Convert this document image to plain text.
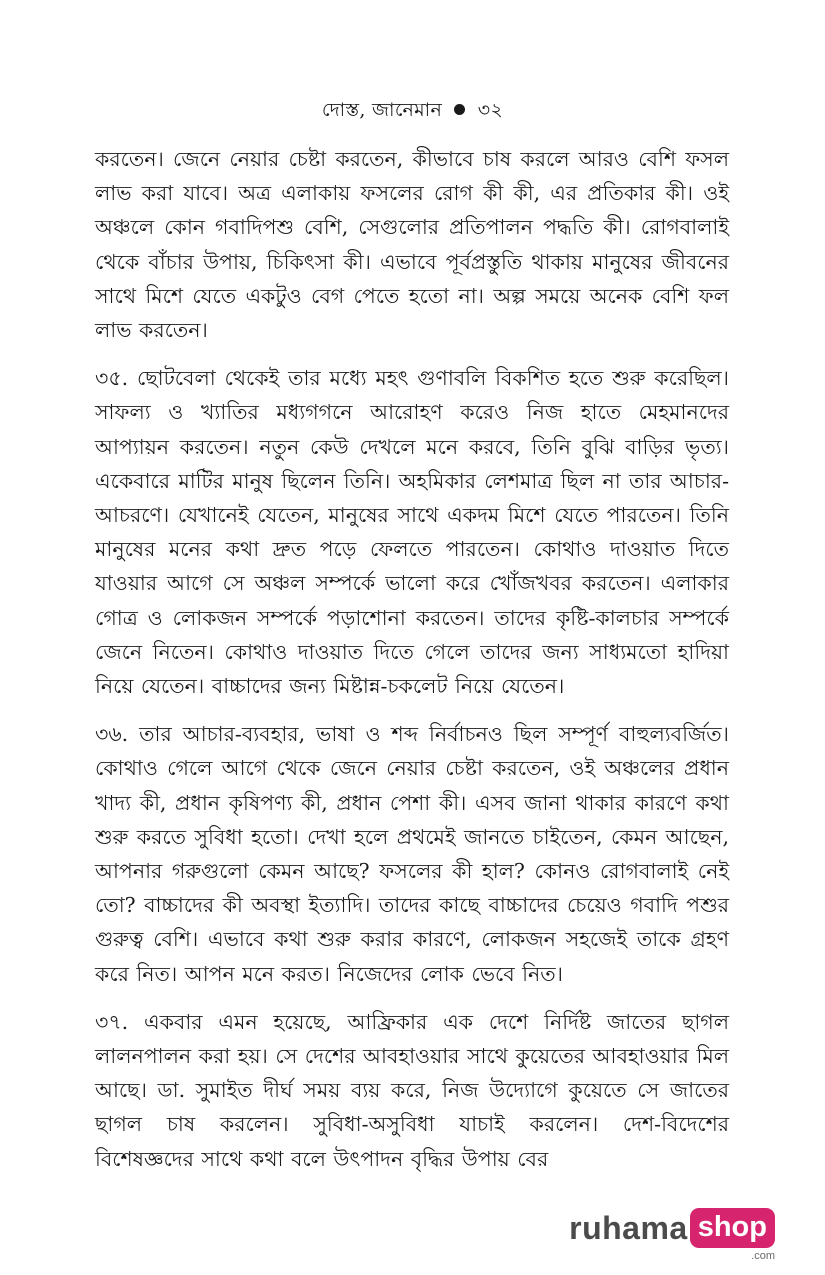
দোস্ত, জানেমান ৩২

করতেন। জেনে নেয়ার চেষ্টা করতেন, কীভাবে চাষ করলে আরও বেশি ফসল লাভ করা যাবে। অত্র এলাকায় ফসলের রোগ কী কী, এর প্রতিকার কী। ওই অঞ্চলে কোন গবাদিপশু বেশি, সেগুলোর প্রতিপালন পদ্ধতি কী। রোগবালাই থেকে বাঁচার উপায়, চিকিৎসা কী। এভাবে পূর্বপ্রস্তুতি থাকায় মানুষের জীবনের সাথে মিশে যেতে একটুও বেগ পেতে হতো না। অল্প সময়ে অনেক বেশি ফল লাভ করতেন।

৩৫. ছোটবেলা থেকেই তার মধ্যে মহৎ গুণাবলি বিকশিত হতে শুরু করেছিল। সাফল্য ও খ্যাতির মধ্যগগনে আরোহণ করেও নিজ হাতে মেহমানদের আপ্যায়ন করতেন। নতুন কেউ দেখলে মনে করবে, তিনি বুঝি বাড়ির ভৃত্য। একেবারে মাটির মানুষ ছিলেন তিনি। অহমিকার লেশমাত্র ছিল না তার আচার-আচরণে। যেখানেই যেতেন, মানুষের সাথে একদম মিশে যেতে পারতেন। তিনি মানুষের মনের কথা দ্রুত পড়ে ফেলতে পারতেন। কোথাও দাওয়াত দিতে যাওয়ার আগে সে অঞ্চল সম্পর্কে ভালো করে খোঁজখবর করতেন। এলাকার গোত্র ও লোকজন সম্পর্কে পড়াশোনা করতেন। তাদের কৃষ্টি-কালচার সম্পর্কে জেনে নিতেন। কোথাও দাওয়াত দিতে গেলে তাদের জন্য সাধ্যমতো হাদিয়া নিয়ে যেতেন। বাচ্চাদের জন্য মিষ্টান্ন-চকলেট নিয়ে যেতেন।

৩৬. তার আচার-ব্যবহার, ভাষা ও শব্দ নির্বাচনও ছিল সম্পূর্ণ বাহুল্যবর্জিত। কোথাও গেলে আগে থেকে জেনে নেয়ার চেষ্টা করতেন, ওই অঞ্চলের প্রধান খাদ্য কী, প্রধান কৃষিপণ্য কী, প্রধান পেশা কী। এসব জানা থাকার কারণে কথা শুরু করতে সুবিধা হতো। দেখা হলে প্রথমেই জানতে চাইতেন, কেমন আছেন, আপনার গরুগুলো কেমন আছে? ফসলের কী হাল? কোনও রোগবালাই নেই তো? বাচ্চাদের কী অবস্থা ইত্যাদি। তাদের কাছে বাচ্চাদের চেয়েও গবাদি পশুর গুরুত্ব বেশি। এভাবে কথা শুরু করার কারণে, লোকজন সহজেই তাকে গ্রহণ করে নিত। আপন মনে করত। নিজেদের লোক ভেবে নিত।

৩৭. একবার এমন হয়েছে, আফ্রিকার এক দেশে নির্দিষ্ট জাতের ছাগল লালনপালন করা হয়। সে দেশের আবহাওয়ার সাথে কুয়েতের আবহাওয়ার মিল আছে। ডা. সুমাইত দীর্ঘ সময় ব্যয় করে, নিজ উদ্যোগে কুয়েতে সে জাতের ছাগল চাষ করলেন। সুবিধা-অসুবিধা যাচাই করলেন। দেশ-বিদেশের বিশেষজ্ঞদের সাথে কথা বলে উৎপাদন বৃদ্ধির উপায় বের

ruhama shop
.com
